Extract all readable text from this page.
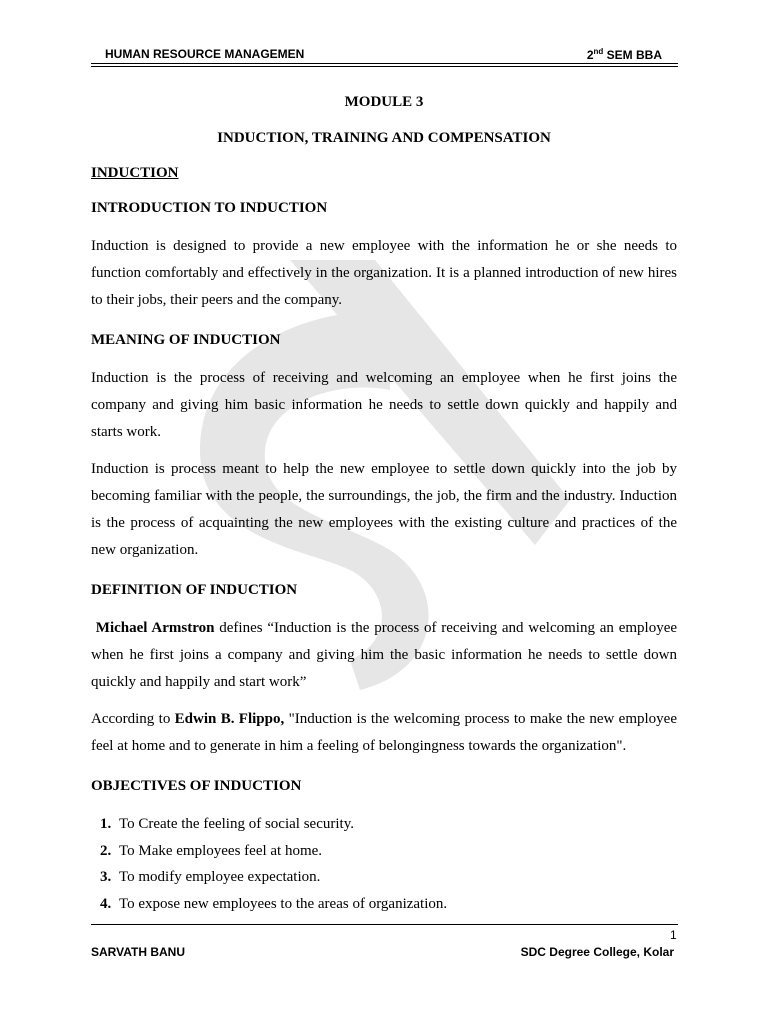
HUMAN RESOURCE MANAGEMEN	2nd SEM BBA

MODULE 3

INDUCTION, TRAINING AND COMPENSATION

INDUCTION

INTRODUCTION TO INDUCTION

Induction is designed to provide a new employee with the information he or she needs to function comfortably and effectively in the organization. It is a planned introduction of new hires to their jobs, their peers and the company.

MEANING OF INDUCTION

Induction is the process of receiving and welcoming an employee when he first joins the company and giving him basic information he needs to settle down quickly and happily and starts work.

Induction is process meant to help the new employee to settle down quickly into the job by becoming familiar with the people, the surroundings, the job, the firm and the industry. Induction is the process of acquainting the new employees with the existing culture and practices of the new organization.

DEFINITION OF INDUCTION

Michael Armstron defines “Induction is the process of receiving and welcoming an employee when he first joins a company and giving him the basic information he needs to settle down quickly and happily and start work”

According to Edwin B. Flippo, "Induction is the welcoming process to make the new employee feel at home and to generate in him a feeling of belongingness towards the organization".

OBJECTIVES OF INDUCTION

1. To Create the feeling of social security.
2. To Make employees feel at home.
3. To modify employee expectation.
4. To expose new employees to the areas of organization.
1
SARVATH BANU	SDC Degree College, Kolar
